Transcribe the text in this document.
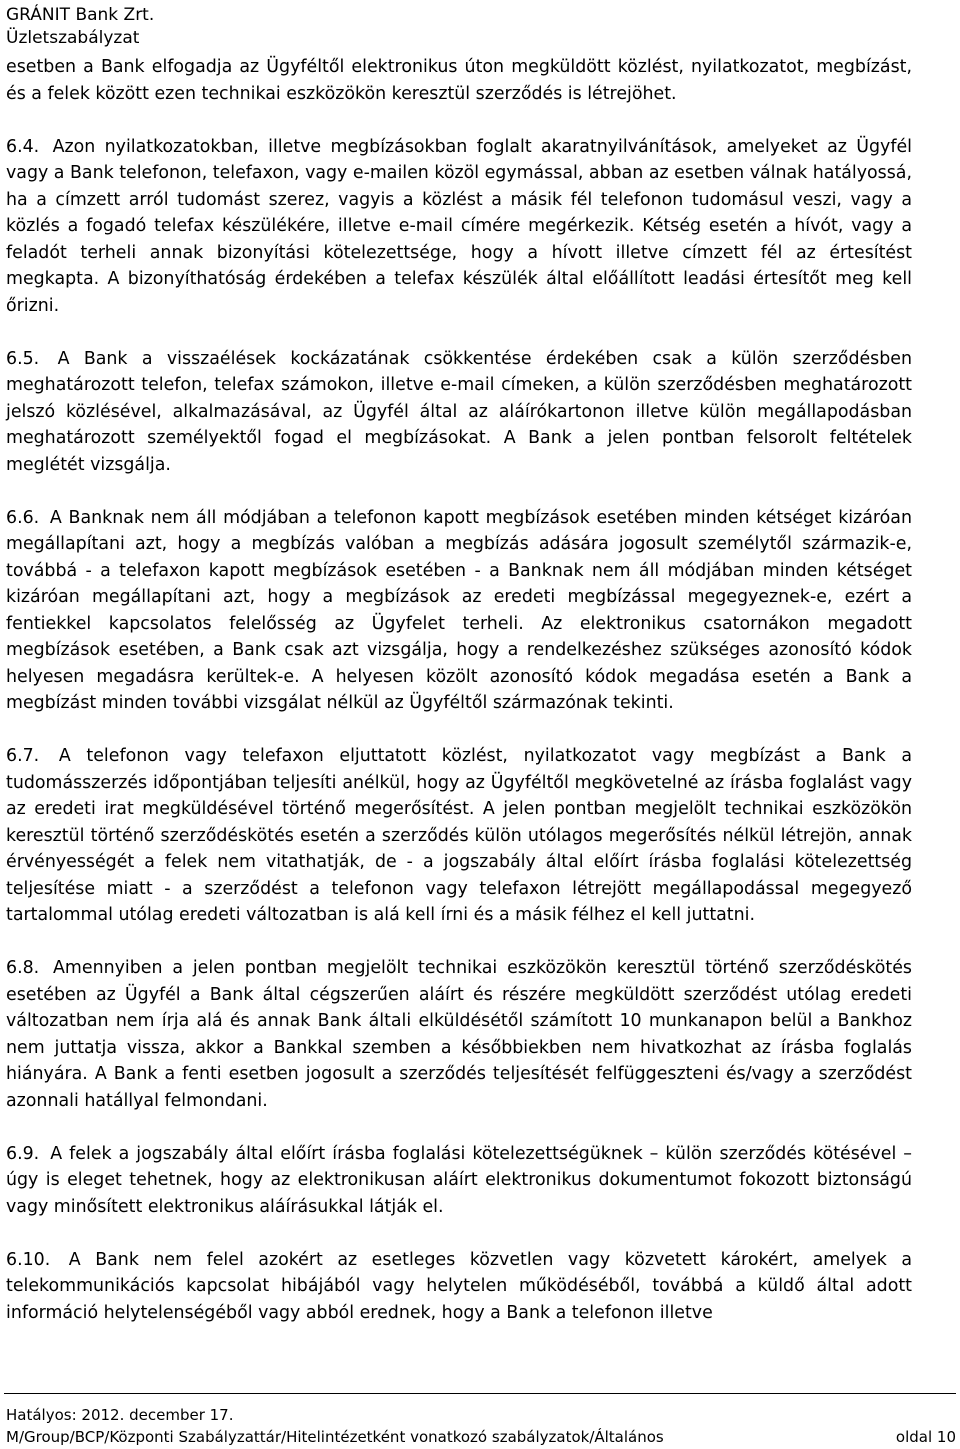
GRÁNIT Bank Zrt.
Üzletszabályzat

esetben a Bank elfogadja az Ügyféltől elektronikus úton megküldött közlést, nyilatkozatot, megbízást, és a felek között ezen technikai eszközökön keresztül szerződés is létrejöhet.

6.4. Azon nyilatkozatokban, illetve megbízásokban foglalt akaratnyilvánítások, amelyeket az Ügyfél vagy a Bank telefonon, telefaxon, vagy e-mailen közöl egymással, abban az esetben válnak hatályossá, ha a címzett arról tudomást szerez, vagyis a közlést a másik fél telefonon tudomásul veszi, vagy a közlés a fogadó telefax készülékére, illetve e-mail címére megérkezik. Kétség esetén a hívót, vagy a feladót terheli annak bizonyítási kötelezettsége, hogy a hívott illetve címzett fél az értesítést megkapta. A bizonyíthatóság érdekében a telefax készülék által előállított leadási értesítőt meg kell őrizni.

6.5. A Bank a visszaélések kockázatának csökkentése érdekében csak a külön szerződésben meghatározott telefon, telefax számokon, illetve e-mail címeken, a külön szerződésben meghatározott jelszó közlésével, alkalmazásával, az Ügyfél által az aláírókartonon illetve külön megállapodásban meghatározott személyektől fogad el megbízásokat. A Bank a jelen pontban felsorolt feltételek meglétét vizsgálja.

6.6. A Banknak nem áll módjában a telefonon kapott megbízások esetében minden kétséget kizáróan megállapítani azt, hogy a megbízás valóban a megbízás adására jogosult személytől származik-e, továbbá - a telefaxon kapott megbízások esetében - a Banknak nem áll módjában minden kétséget kizáróan megállapítani azt, hogy a megbízások az eredeti megbízással megegyeznek-e, ezért a fentiekkel kapcsolatos felelősség az Ügyfelet terheli. Az elektronikus csatornákon megadott megbízások esetében, a Bank csak azt vizsgálja, hogy a rendelkezéshez szükséges azonosító kódok helyesen megadásra kerültek-e. A helyesen közölt azonosító kódok megadása esetén a Bank a megbízást minden további vizsgálat nélkül az Ügyféltől származónak tekinti.

6.7. A telefonon vagy telefaxon eljuttatott közlést, nyilatkozatot vagy megbízást a Bank a tudomásszerzés időpontjában teljesíti anélkül, hogy az Ügyféltől megkövetelné az írásba foglalást vagy az eredeti irat megküldésével történő megerősítést. A jelen pontban megjelölt technikai eszközökön keresztül történő szerződéskötés esetén a szerződés külön utólagos megerősítés nélkül létrejön, annak érvényességét a felek nem vitathatják, de - a jogszabály által előírt írásba foglalási kötelezettség teljesítése miatt - a szerződést a telefonon vagy telefaxon létrejött megállapodással megegyező tartalommal utólag eredeti változatban is alá kell írni és a másik félhez el kell juttatni.

6.8. Amennyiben a jelen pontban megjelölt technikai eszközökön keresztül történő szerződéskötés esetében az Ügyfél a Bank által cégszerűen aláírt és részére megküldött szerződést utólag eredeti változatban nem írja alá és annak Bank általi elküldésétől számított 10 munkanapon belül a Bankhoz nem juttatja vissza, akkor a Bankkal szemben a későbbiekben nem hivatkozhat az írásba foglalás hiányára. A Bank a fenti esetben jogosult a szerződés teljesítését felfüggeszteni és/vagy a szerződést azonnali hatállyal felmondani.

6.9. A felek a jogszabály által előírt írásba foglalási kötelezettségüknek – külön szerződés kötésével – úgy is eleget tehetnek, hogy az elektronikusan aláírt elektronikus dokumentumot fokozott biztonságú vagy minősített elektronikus aláírásukkal látják el.

6.10. A Bank nem felel azokért az esetleges közvetlen vagy közvetett károkért, amelyek a telekommunikációs kapcsolat hibájából vagy helytelen működéséből, továbbá a küldő által adott információ helytelenségéből vagy abból erednek, hogy a Bank a telefonon illetve

Hatályos: 2012. december 17.
M/Group/BCP/Központi Szabályzattár/Hitelintézetként vonatkozó szabályzatok/Általános	oldal 10
